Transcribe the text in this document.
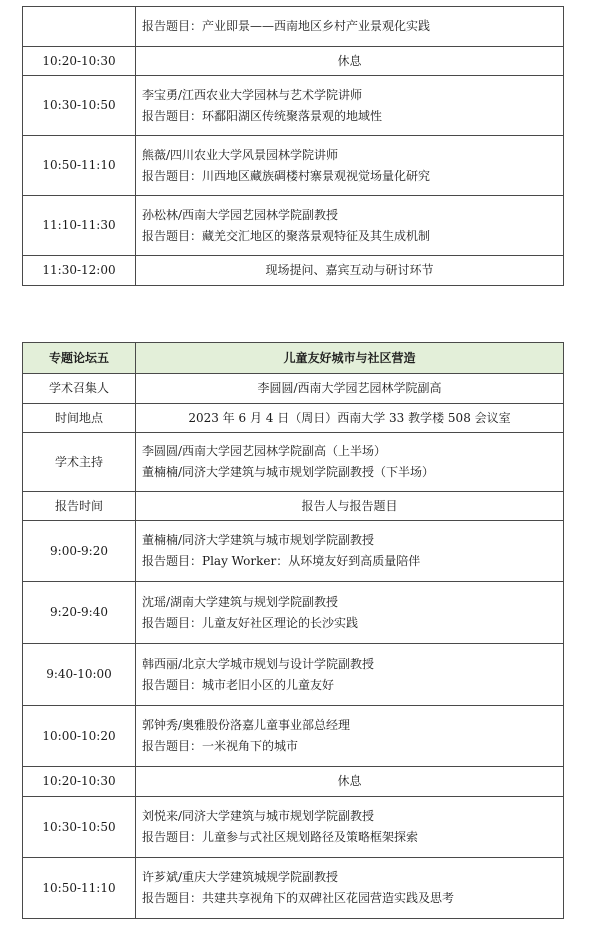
	报告题目：产业即景——西南地区乡村产业景观化实践

10:20-10:30	休息

10:30-10:50	李宝勇/江西农业大学园林与艺术学院讲师
报告题目：环鄱阳湖区传统聚落景观的地域性

10:50-11:10	熊薇/四川农业大学风景园林学院讲师
报告题目：川西地区藏族碉楼村寨景观视觉场量化研究

11:10-11:30	孙松林/西南大学园艺园林学院副教授
报告题目：藏羌交汇地区的聚落景观特征及其生成机制

11:30-12:00	现场提问、嘉宾互动与研讨环节
专题论坛五	儿童友好城市与社区营造
学术召集人	李圆圆/西南大学园艺园林学院副高
时间地点	2023 年 6 月 4 日（周日）西南大学 33 教学楼 508 会议室
学术主持	李圆圆/西南大学园艺园林学院副高（上半场）
董楠楠/同济大学建筑与城市规划学院副教授（下半场）

报告时间	报告人与报告题目
9:00-9:20	董楠楠/同济大学建筑与城市规划学院副教授
报告题目：Play Worker：从环境友好到高质量陪伴

9:20-9:40	沈瑶/湖南大学建筑与规划学院副教授
报告题目：儿童友好社区理论的长沙实践

9:40-10:00	韩西丽/北京大学城市规划与设计学院副教授
报告题目：城市老旧小区的儿童友好

10:00-10:20	郭钟秀/奥雅股份洛嘉儿童事业部总经理
报告题目：一米视角下的城市

10:20-10:30	休息

10:30-10:50	刘悦来/同济大学建筑与城市规划学院副教授
报告题目：儿童参与式社区规划路径及策略框架探索

10:50-11:10	许芗斌/重庆大学建筑城规学院副教授
报告题目：共建共享视角下的双碑社区花园营造实践及思考
